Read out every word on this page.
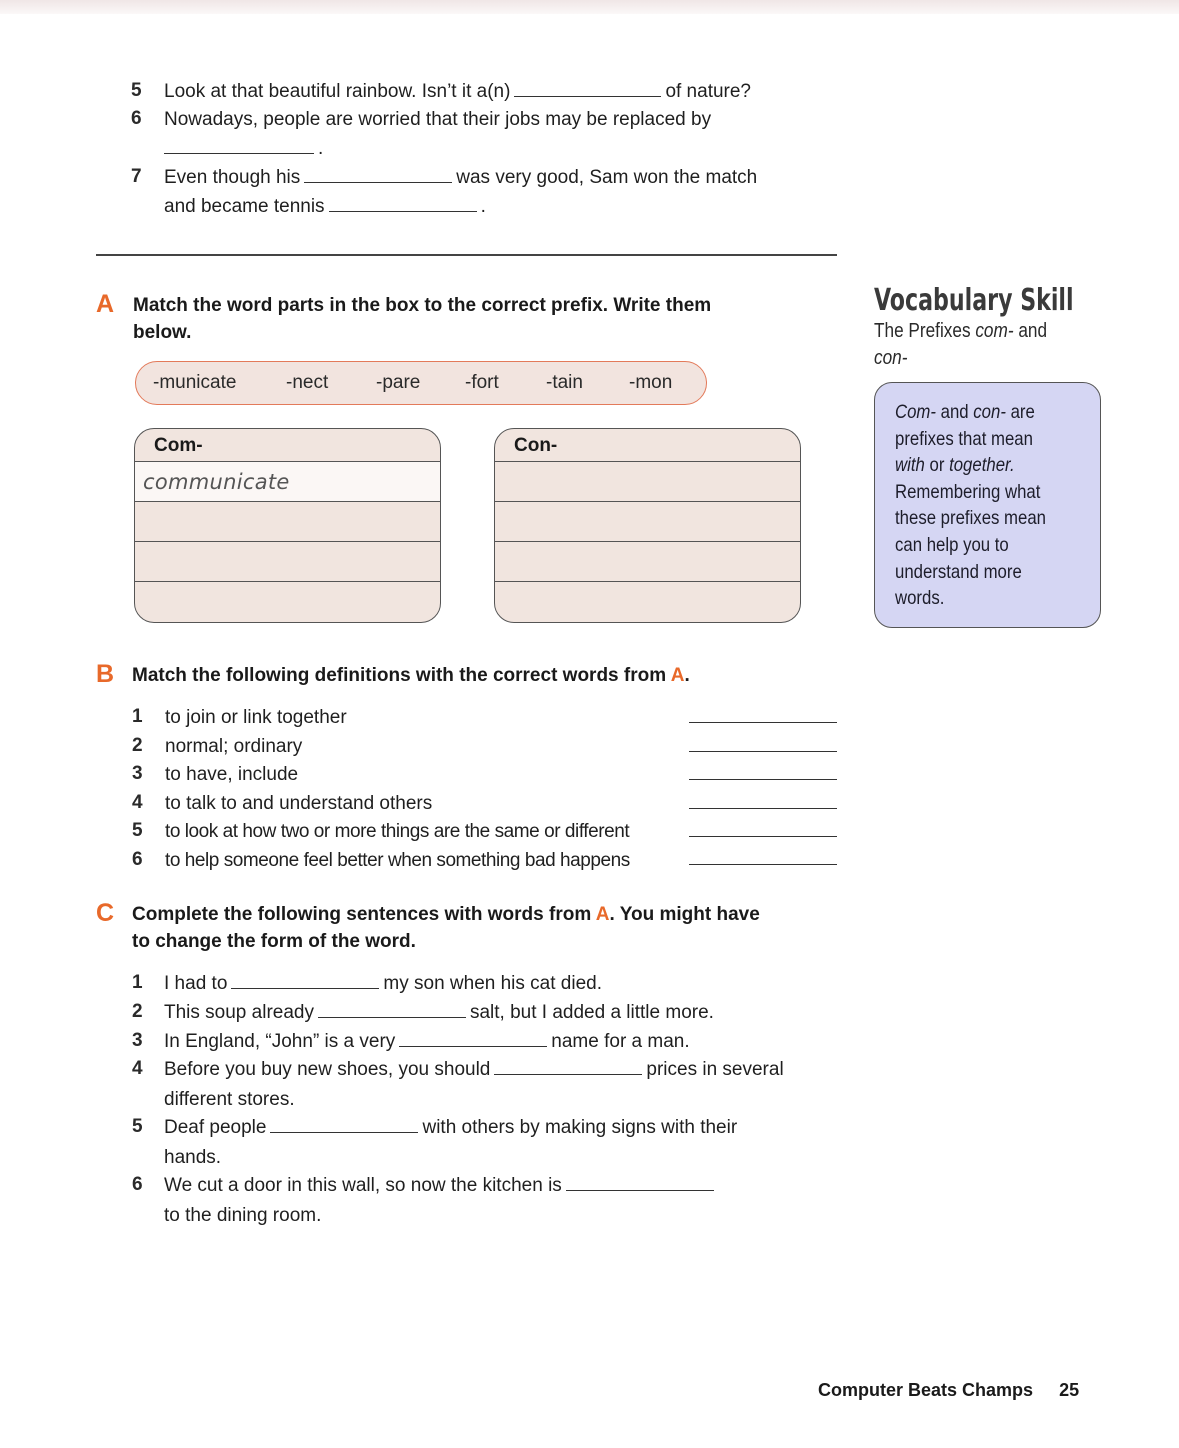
5 Look at that beautiful rainbow. Isn’t it a(n)	of nature?
6 Nowadays, people are worried that their jobs may be replaced by
.
7 Even though his	was very good, Sam won the match
and became tennis	.
A Match the word parts in the box to the correct prefix. Write them
below.
-municate	-nect	-pare -fort -tain -mon
Com-
communicate
Con-
Vocabulary Skill
The Prefixes com- and
con-
Com- and con- are
prefixes that mean
with or together.
Remembering what
these prefixes mean
can help you to
understand more
words.
B Match the following definitions with the correct words from A.
1 to join or link together
2 normal; ordinary
3 to have, include
4 to talk to and understand others
5 to look at how two or more things are the same or different
6 to help someone feel better when something bad happens
C Complete the following sentences with words from A. You might have
to change the form of the word.
1 I had to	my son when his cat died.
2 This soup already	salt, but I added a little more.
3 In England, “John” is a very	name for a man.
4 Before you buy new shoes, you should	prices in several
different stores.
5 Deaf people	with others by making signs with their
hands.
6 We cut a door in this wall, so now the kitchen is
to the dining room.
Computer Beats Champs 25
